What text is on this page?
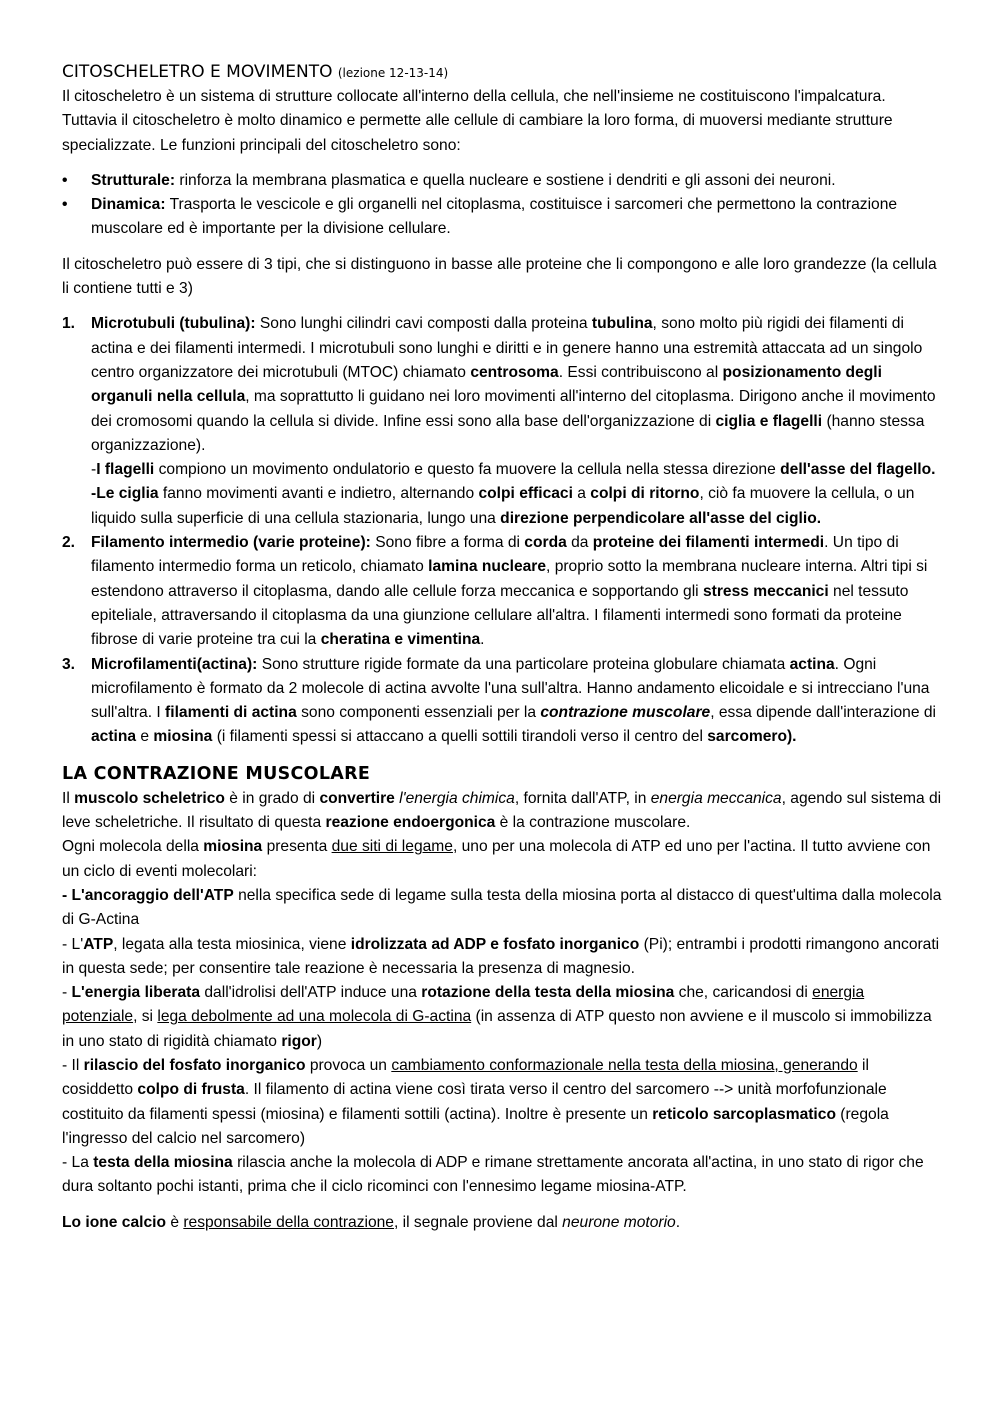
CITOSCHELETRO E MOVIMENTO (lezione 12-13-14)

Il citoscheletro è un sistema di strutture collocate all'interno della cellula, che nell'insieme ne costituiscono l'impalcatura. Tuttavia il citoscheletro è molto dinamico e permette alle cellule di cambiare la loro forma, di muoversi mediante strutture specializzate. Le funzioni principali del citoscheletro sono:

• Strutturale: rinforza la membrana plasmatica e quella nucleare e sostiene i dendriti e gli assoni dei neuroni.
• Dinamica: Trasporta le vescicole e gli organelli nel citoplasma, costituisce i sarcomeri che permettono la contrazione muscolare ed è importante per la divisione cellulare.

Il citoscheletro può essere di 3 tipi, che si distinguono in basse alle proteine che li compongono e alle loro grandezze (la cellula li contiene tutti e 3)

1. Microtubuli (tubulina): Sono lunghi cilindri cavi composti dalla proteina tubulina, sono molto più rigidi dei filamenti di actina e dei filamenti intermedi. I microtubuli sono lunghi e diritti e in genere hanno una estremità attaccata ad un singolo centro organizzatore dei microtubuli (MTOC) chiamato centrosoma. Essi contribuiscono al posizionamento degli organuli nella cellula, ma soprattutto li guidano nei loro movimenti all'interno del citoplasma. Dirigono anche il movimento dei cromosomi quando la cellula si divide. Infine essi sono alla base dell'organizzazione di ciglia e flagelli (hanno stessa organizzazione).
-I flagelli compiono un movimento ondulatorio e questo fa muovere la cellula nella stessa direzione dell'asse del flagello.
-Le ciglia fanno movimenti avanti e indietro, alternando colpi efficaci a colpi di ritorno, ciò fa muovere la cellula, o un liquido sulla superficie di una cellula stazionaria, lungo una direzione perpendicolare all'asse del ciglio.
2. Filamento intermedio (varie proteine): Sono fibre a forma di corda da proteine dei filamenti intermedi. Un tipo di filamento intermedio forma un reticolo, chiamato lamina nucleare, proprio sotto la membrana nucleare interna. Altri tipi si estendono attraverso il citoplasma, dando alle cellule forza meccanica e sopportando gli stress meccanici nel tessuto epiteliale, attraversando il citoplasma da una giunzione cellulare all'altra. I filamenti intermedi sono formati da proteine fibrose di varie proteine tra cui la cheratina e vimentina.
3. Microfilamenti(actina): Sono strutture rigide formate da una particolare proteina globulare chiamata actina. Ogni microfilamento è formato da 2 molecole di actina avvolte l'una sull'altra. Hanno andamento elicoidale e si intrecciano l'una sull'altra. I filamenti di actina sono componenti essenziali per la contrazione muscolare, essa dipende dall'interazione di actina e miosina (i filamenti spessi si attaccano a quelli sottili tirandoli verso il centro del sarcomero).
LA CONTRAZIONE MUSCOLARE

Il muscolo scheletrico è in grado di convertire l'energia chimica, fornita dall'ATP, in energia meccanica, agendo sul sistema di leve scheletriche. Il risultato di questa reazione endoergonica è la contrazione muscolare.

Ogni molecola della miosina presenta due siti di legame, uno per una molecola di ATP ed uno per l'actina. Il tutto avviene con un ciclo di eventi molecolari:

- L'ancoraggio dell'ATP nella specifica sede di legame sulla testa della miosina porta al distacco di quest'ultima dalla molecola di G-Actina

- L'ATP, legata alla testa miosinica, viene idrolizzata ad ADP e fosfato inorganico (Pi); entrambi i prodotti rimangono ancorati in questa sede; per consentire tale reazione è necessaria la presenza di magnesio.

- L'energia liberata dall'idrolisi dell'ATP induce una rotazione della testa della miosina che, caricandosi di energia potenziale, si lega debolmente ad una molecola di G-actina (in assenza di ATP questo non avviene e il muscolo si immobilizza in uno stato di rigidità chiamato rigor)

- Il rilascio del fosfato inorganico provoca un cambiamento conformazionale nella testa della miosina, generando il cosiddetto colpo di frusta. Il filamento di actina viene così tirata verso il centro del sarcomero --> unità morfofunzionale costituito da filamenti spessi (miosina) e filamenti sottili (actina). Inoltre è presente un reticolo sarcoplasmatico (regola l'ingresso del calcio nel sarcomero)

- La testa della miosina rilascia anche la molecola di ADP e rimane strettamente ancorata all'actina, in uno stato di rigor che dura soltanto pochi istanti, prima che il ciclo ricominci con l'ennesimo legame miosina-ATP.

Lo ione calcio è responsabile della contrazione, il segnale proviene dal neurone motorio.
